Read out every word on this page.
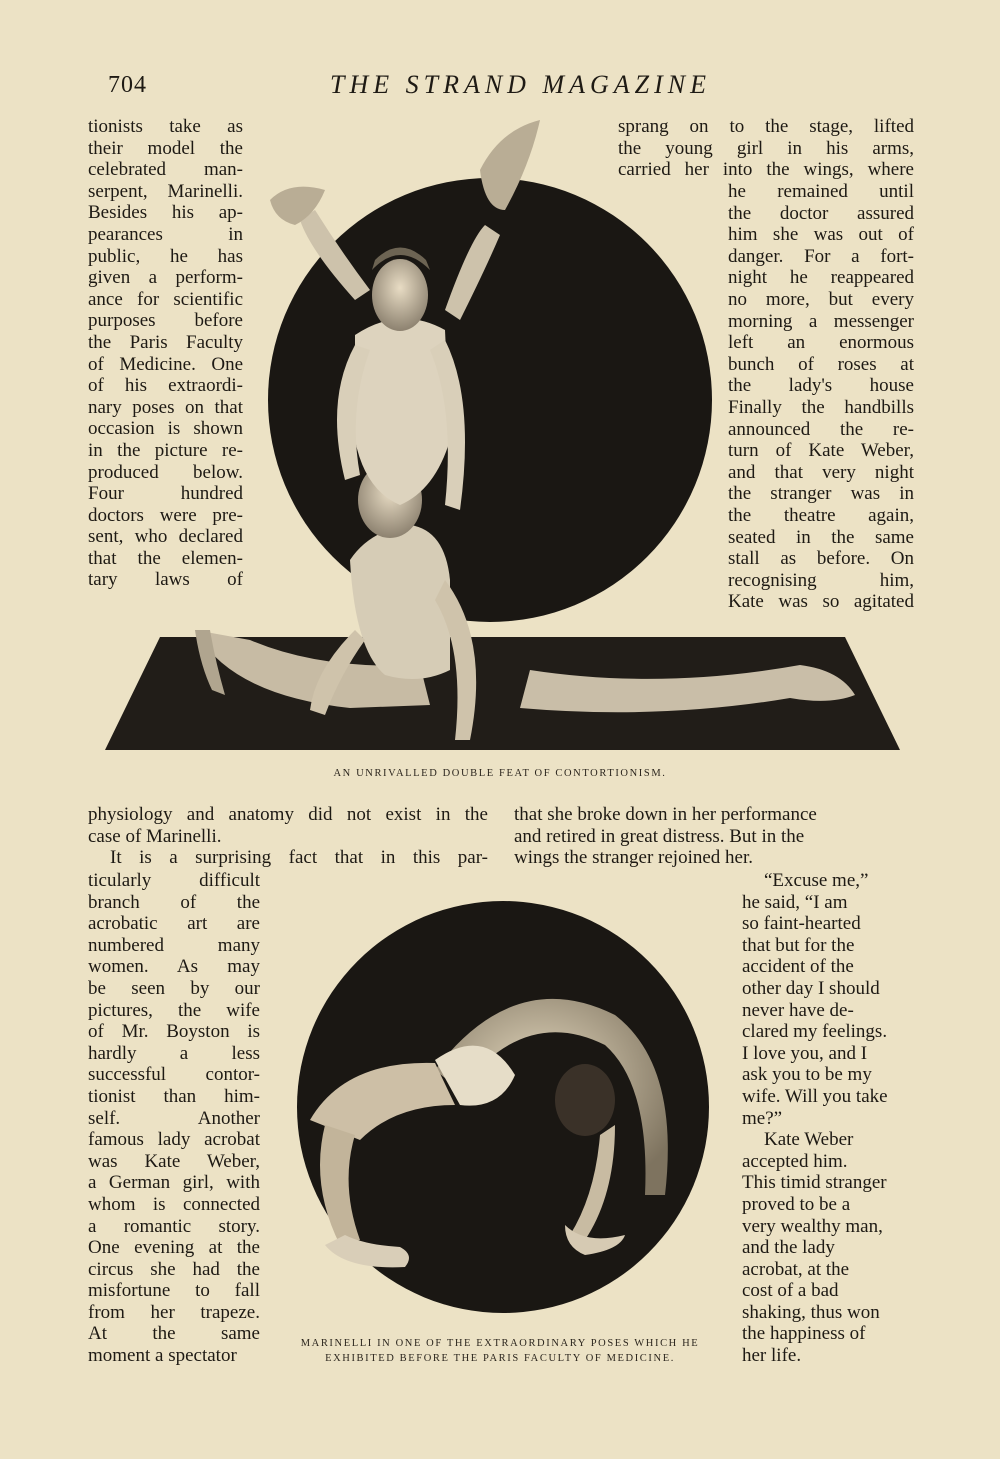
704	THE STRAND MAGAZINE
AN UNRIVALLED DOUBLE FEAT OF CONTORTIONISM.
tionists take as
their model the
celebrated man-
serpent, Marinelli.
Besides his ap-
pearances in
public, he has
given a perform-
ance for scientific
purposes before
the Paris Faculty
of Medicine. One
of his extraordi-
nary poses on that
occasion is shown
in the picture re-
produced below.
Four hundred
doctors were pre-
sent, who declared
that the elemen-
tary laws of
sprang on to the stage, lifted
the young girl in his arms,
carried her into the wings, where
he remained until
the doctor assured
him she was out of
danger. For a fort-
night he reappeared
no more, but every
morning a messenger
left an enormous
bunch of roses at
the lady's house
Finally the handbills
announced the re-
turn of Kate Weber,
and that very night
the stranger was in
the theatre again,
seated in the same
stall as before. On
recognising him,
Kate was so agitated
physiology and anatomy did not exist in the
case of Marinelli.
It is a surprising fact that in this par-
ticularly difficult
branch of the
acrobatic art are
numbered many
women. As may
be seen by our
pictures, the wife
of Mr. Boyston is
hardly a less
successful contor-
tionist than him-
self. Another
famous lady acrobat
was Kate Weber,
a German girl, with
whom is connected
a romantic story.
One evening at the
circus she had the
misfortune to fall
from her trapeze.
At the same
moment a spectator
that she broke down in her performance
and retired in great distress. But in the
wings the stranger rejoined her.
“Excuse me,”
he said, “I am
so faint-hearted
that but for the
accident of the
other day I should
never have de-
clared my feelings.
I love you, and I
ask you to be my
wife. Will you take
me?”
Kate Weber
accepted him.
This timid stranger
proved to be a
very wealthy man,
and the lady
acrobat, at the
cost of a bad
shaking, thus won
the happiness of
her life.
MARINELLI IN ONE OF THE EXTRAORDINARY POSES WHICH HE
EXHIBITED BEFORE THE PARIS FACULTY OF MEDICINE.
